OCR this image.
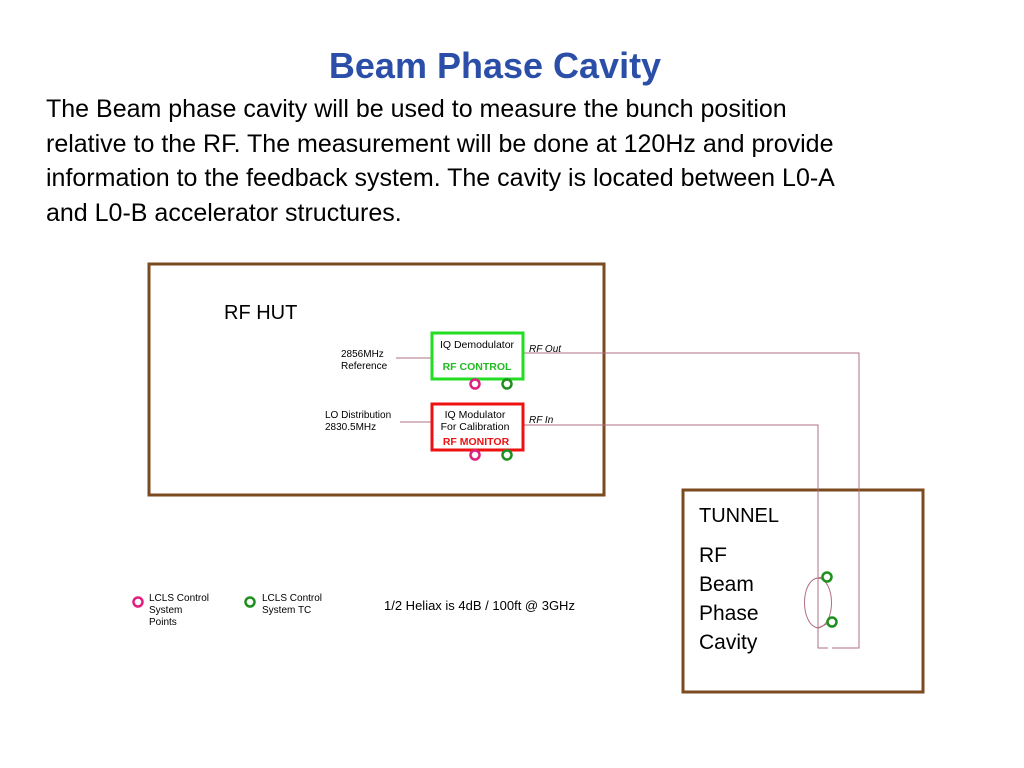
Beam Phase Cavity
The Beam phase cavity will be used to measure the bunch position
relative to the RF. The measurement will be done at 120Hz and provide
information to the feedback system. The cavity is located between L0-A
and L0-B accelerator structures.
RF HUT
2856MHz
Reference
IQ Demodulator
RF CONTROL
RF Out
LO Distribution
2830.5MHz
IQ Modulator
For Calibration
RF MONITOR
RF In
TUNNEL
RF
Beam
Phase
Cavity
LCLS Control
System
Points
LCLS Control
System TC	1/2 Heliax is 4dB / 100ft @ 3GHz
